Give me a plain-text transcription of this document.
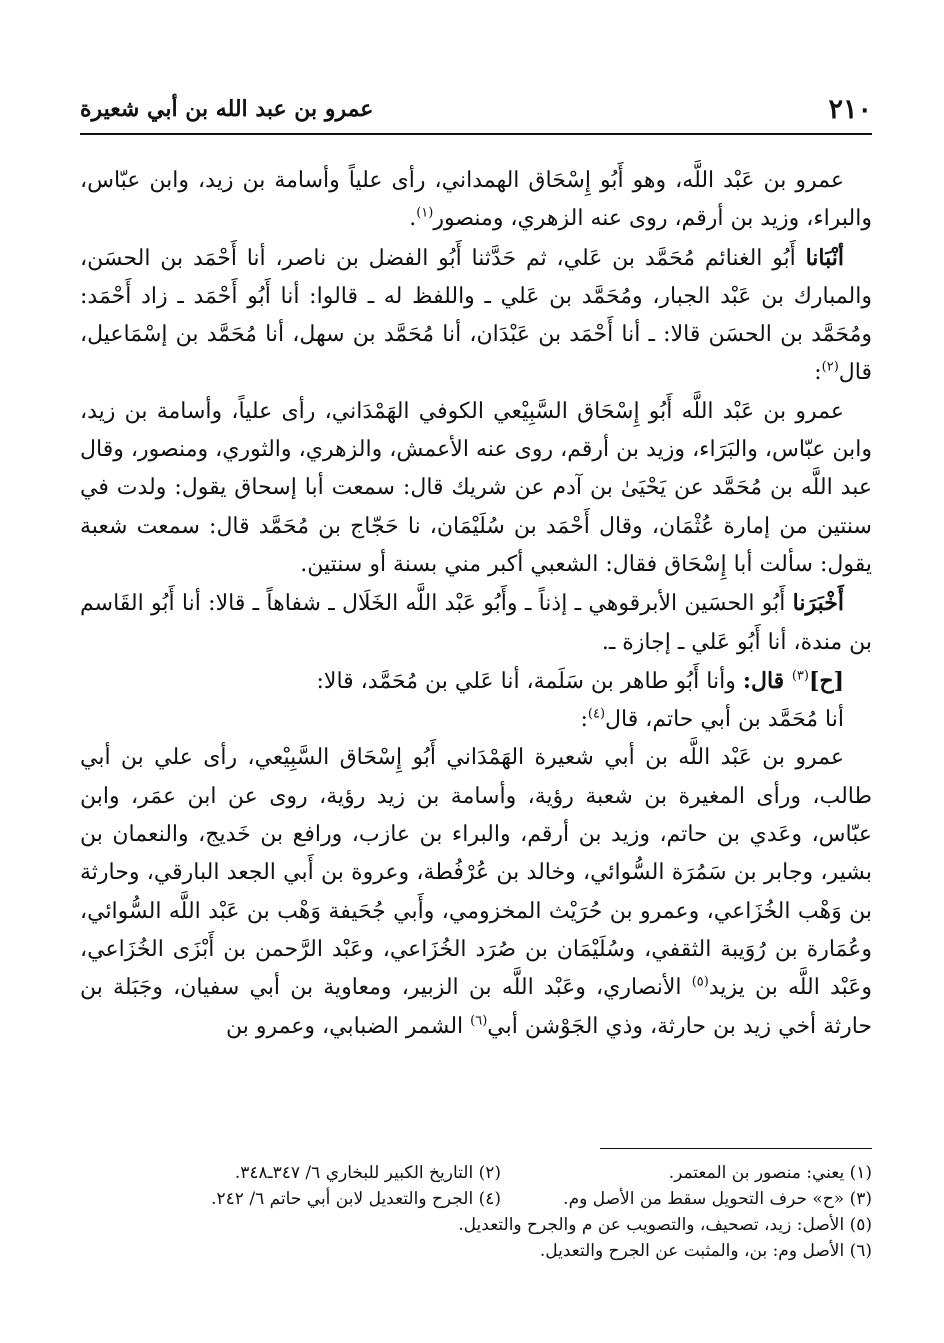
٢١٠
عمرو بن عبد الله بن أبي شعيرة

عمرو بن عَبْد اللَّه، وهو أَبُو إِسْحَاق الهمداني، رأى علياً وأسامة بن زيد، وابن عبّاس، والبراء، وزيد بن أرقم، روى عنه الزهري، ومنصور$^{(١)}$.

أنْبَانا أَبُو الغنائم مُحَمَّد بن عَلي، ثم حَدَّثنا أَبُو الفضل بن ناصر، أنا أَحْمَد بن الحسَن، والمبارك بن عَبْد الجبار، ومُحَمَّد بن عَلي ـ واللفظ له ـ قالوا: أنا أَبُو أَحْمَد ـ زاد أَحْمَد: ومُحَمَّد بن الحسَن قالا: ـ أنا أَحْمَد بن عَبْدَان، أنا مُحَمَّد بن سهل، أنا مُحَمَّد بن إسْمَاعيل، قال$^{(٢)}$:

عمرو بن عَبْد اللَّه أَبُو إِسْحَاق السَّبِيْعي الكوفي الهَمْدَاني، رأى علياً، وأسامة بن زيد، وابن عبّاس، والبَرَاء، وزيد بن أرقم، روى عنه الأعمش، والزهري، والثوري، ومنصور، وقال عبد اللَّه بن مُحَمَّد عن يَحْيَىٰ بن آدم عن شريك قال: سمعت أبا إسحاق يقول: ولدت في سنتين من إمارة عُثْمَان، وقال أَحْمَد بن سُلَيْمَان، نا حَجّاج بن مُحَمَّد قال: سمعت شعبة يقول: سألت أبا إِسْحَاق فقال: الشعبي أكبر مني بسنة أو سنتين.

أَخْبَرَنا أَبُو الحسَين الأبرقوهي ـ إذناً ـ وأَبُو عَبْد اللَّه الخَلَال ـ شفاهاً ـ قالا: أنا أَبُو القَاسم بن مندة، أنا أَبُو عَلي ـ إجازة ـ.

[ح]$^{(٣)}$ قال: وأنا أَبُو طاهر بن سَلَمة، أنا عَلي بن مُحَمَّد، قالا:

أنا مُحَمَّد بن أبي حاتم، قال$^{(٤)}$:

عمرو بن عَبْد اللَّه بن أبي شعيرة الهَمْدَاني أَبُو إِسْحَاق السَّبِيْعي، رأى علي بن أبي طالب، ورأى المغيرة بن شعبة رؤية، وأسامة بن زيد رؤية، روى عن ابن عمَر، وابن عبّاس، وعَدي بن حاتم، وزيد بن أرقم، والبراء بن عازب، ورافع بن خَديج، والنعمان بن بشير، وجابر بن سَمُرَة السُّوائي، وخالد بن عُرْفُطة، وعروة بن أَبي الجعد البارقي، وحارثة بن وَهْب الخُزَاعي، وعمرو بن حُرَيْث المخزومي، وأَبي جُحَيفة وَهْب بن عَبْد اللَّه السُّوائي، وعُمَارة بن رُوَيبة الثقفي، وسُلَيْمَان بن صُرَد الخُزَاعي، وعَبْد الرَّحمن بن أَبْزَى الخُزَاعي، وعَبْد اللَّه بن يزيد$^{(٥)}$ الأنصاري، وعَبْد اللَّه بن الزبير، ومعاوية بن أبي سفيان، وجَبَلة بن حارثة أخي زيد بن حارثة، وذي الجَوْشن أبي$^{(٦)}$ الشمر الضبابي، وعمرو بن

(١) يعني: منصور بن المعتمر.
(٢) التاريخ الكبير للبخاري ٦/ ٣٤٧ـ٣٤٨.
(٣) «ح» حرف التحويل سقط من الأصل وم.
(٤) الجرح والتعديل لابن أبي حاتم ٦/ ٢٤٢.
(٥) الأصل: زيد، تصحيف، والتصويب عن م والجرح والتعديل.
(٦) الأصل وم: بن، والمثبت عن الجرح والتعديل.
